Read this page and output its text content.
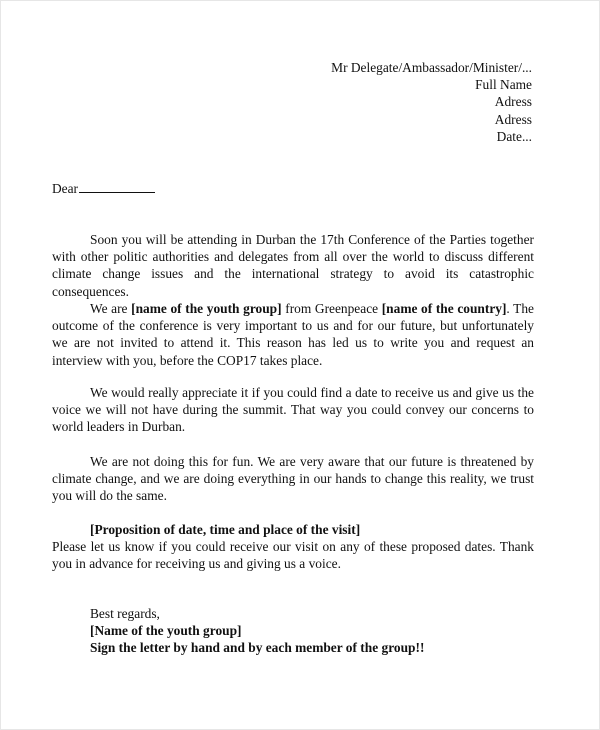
Mr Delegate/Ambassador/Minister/...
Full Name
Adress
Adress
Date...
Dear

Soon you will be attending in Durban the 17th Conference of the Parties together with other politic authorities and delegates from all over the world to discuss different climate change issues and the international strategy to avoid its catastrophic consequences.

We are [name of the youth group] from Greenpeace [name of the country]. The outcome of the conference is very important to us and for our future, but unfortunately we are not invited to attend it. This reason has led us to write you and request an interview with you, before the COP17 takes place.

We would really appreciate it if you could find a date to receive us and give us the voice we will not have during the summit. That way you could convey our concerns to world leaders in Durban.

We are not doing this for fun. We are very aware that our future is threatened by climate change, and we are doing everything in our hands to change this reality, we trust you will do the same.

[Proposition of date, time and place of the visit]
Please let us know if you could receive our visit on any of these proposed dates. Thank you in advance for receiving us and giving us a voice.
Best regards,
[Name of the youth group]
Sign the letter by hand and by each member of the group!!
